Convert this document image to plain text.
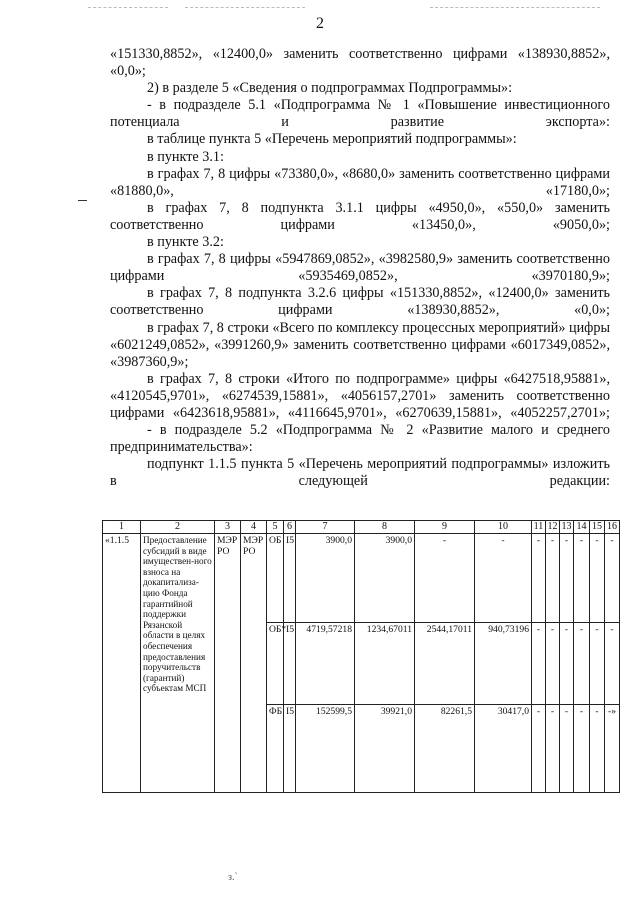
2

«151330,8852», «12400,0» заменить соответственно цифрами «138930,8852», «0,0»;

2) в разделе 5 «Сведения о подпрограммах Подпрограммы»:

- в подразделе 5.1 «Подпрограмма № 1 «Повышение инвестиционного потенциала и развитие экспорта»:

в таблице пункта 5 «Перечень мероприятий подпрограммы»:

в пункте 3.1:

в графах 7, 8 цифры «73380,0», «8680,0» заменить соответственно цифрами «81880,0», «17180,0»;

в графах 7, 8 подпункта 3.1.1 цифры «4950,0», «550,0» заменить соответственно цифрами «13450,0», «9050,0»;

в пункте 3.2:

в графах 7, 8 цифры «5947869,0852», «3982580,9» заменить соответственно цифрами «5935469,0852», «3970180,9»;

в графах 7, 8 подпункта 3.2.6 цифры «151330,8852», «12400,0» заменить соответственно цифрами «138930,8852», «0,0»;

в графах 7, 8 строки «Всего по комплексу процессных мероприятий» цифры «6021249,0852», «3991260,9» заменить соответственно цифрами «6017349,0852», «3987360,9»;

в графах 7, 8 строки «Итого по подпрограмме» цифры «6427518,95881», «4120545,9701», «6274539,15881», «4056157,2701» заменить соответственно цифрами «6423618,95881», «4116645,9701», «6270639,15881», «4052257,2701»;

- в подразделе 5.2 «Подпрограмма № 2 «Развитие малого и среднего предпринимательства»:

подпункт 1.1.5 пункта 5 «Перечень мероприятий подпрограммы» изложить в следующей редакции:

1	2	3	4	5	6	7	8	9	10	11	12	13	14	15	16
«1.1.5	Предоставление субсидий в виде имуществен-ного взноса на докапитализа-цию Фонда гарантийной поддержки Рязанской области в целях обеспечения предоставления поручительств (гарантий) субъектам МСП	МЭР РО	МЭР РО	ОБ	I5	3900,0	3900,0	-	-	-	-	-	-	-	-
				ОБ*	I5	4719,57218	1234,67011	2544,17011	940,73196	-	-	-	-	-	-
				ФБ	I5	152599,5	39921,0	82261,5	30417,0	-	-	-	-	-	-»
з.`
